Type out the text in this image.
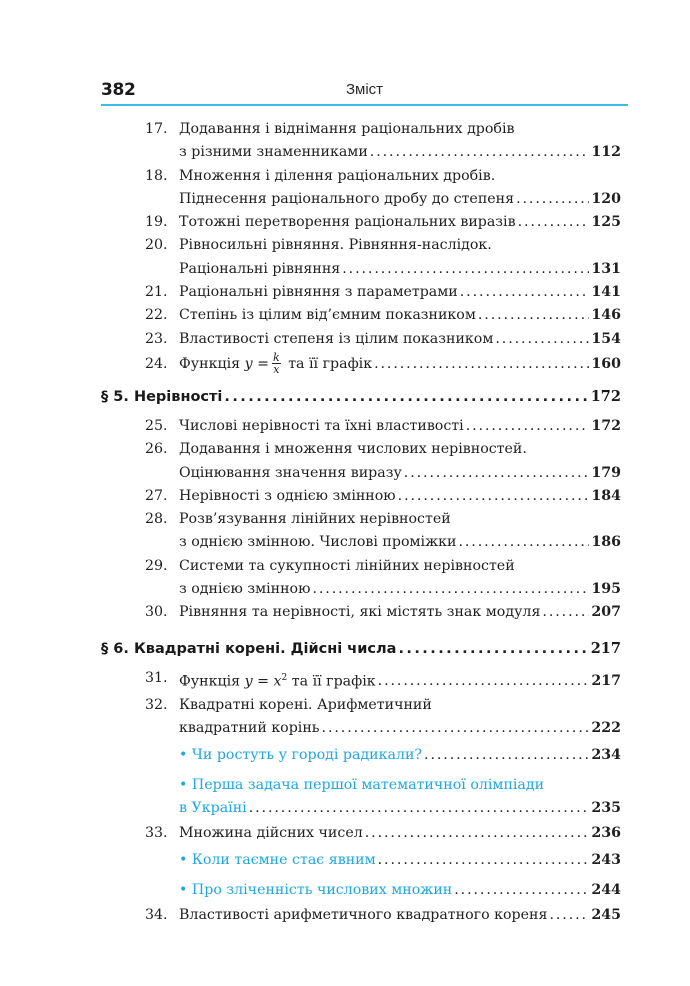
382	Зміст
17. Додавання і віднімання раціональних дробів
з різними знаменниками . . .	112
18. Множення і ділення раціональних дробів.
Піднесення раціонального дробу до степеня . . .	120
19. Тотожні перетворення раціональних виразів . . .	125
20. Рівносильні рівняння. Рівняння-наслідок.
Раціональні рівняння . . .	131
21. Раціональні рівняння з параметрами . . .	141
22. Степінь із цілим від’ємним показником . . .	146
23. Властивості степеня із цілим показником . . .	154
24. Функція $y = \frac{k}{x}$ та її графік . . .	160
§ 5. Нерівності . . .	172
25. Числові нерівності та їхні властивості . . .	172
26. Додавання і множення числових нерівностей.
Оцінювання значення виразу . . .	179
27. Нерівності з однією змінною . . .	184
28. Розв’язування лінійних нерівностей
з однією змінною. Числові проміжки . . .	186
29. Системи та сукупності лінійних нерівностей
з однією змінною . . .	195
30. Рівняння та нерівності, які містять знак модуля . . .	207
§ 6. Квадратні корені. Дійсні числа . . .	217
31. Функція $y = x^2$ та її графік . . .	217
32. Квадратні корені. Арифметичний
квадратний корінь . . .	222
• Чи ростуть у городі радикали? . . .	234
• Перша задача першої математичної олімпіади
в Україні . . .	235
33. Множина дійсних чисел . . .	236
• Коли таємне стає явним . . .	243
• Про зліченність числових множин . . .	244
34. Властивості арифметичного квадратного кореня . . .	245
